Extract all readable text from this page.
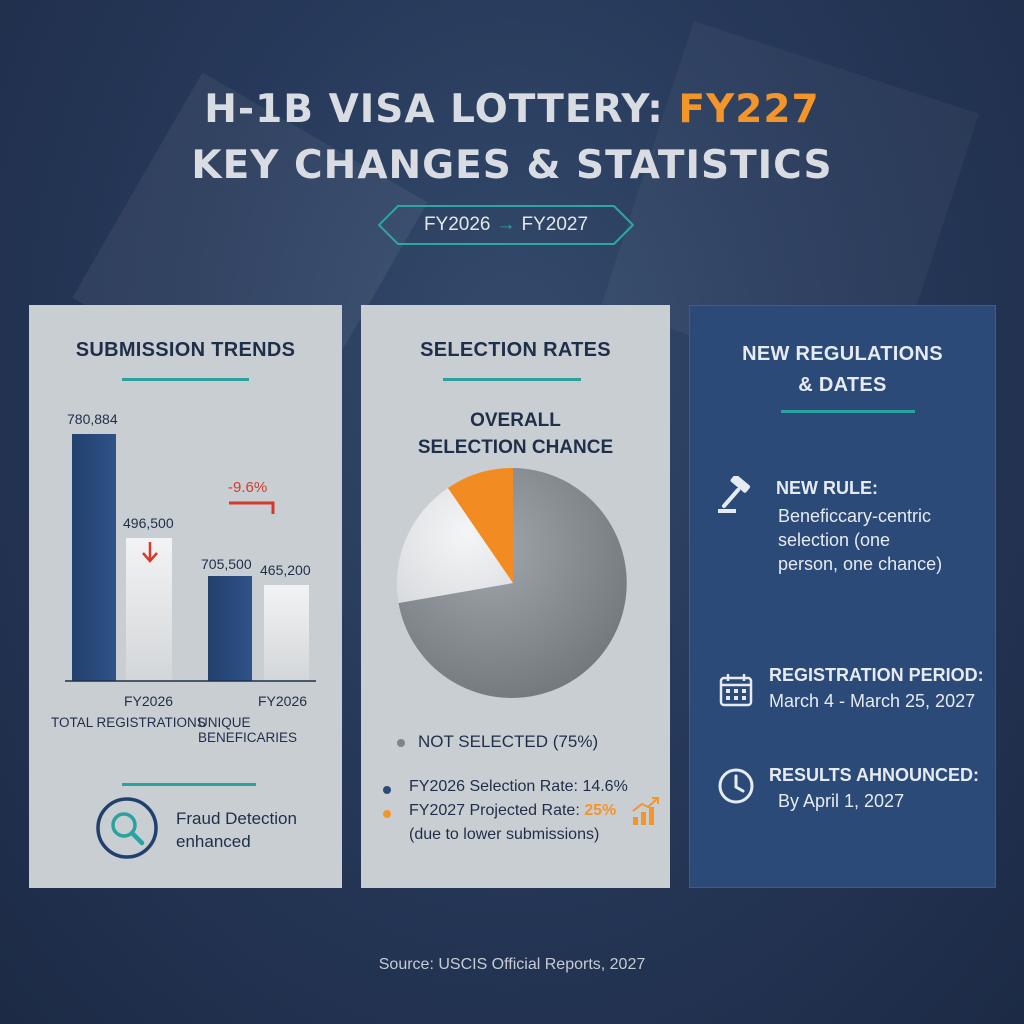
H-1B VISA LOTTERY: FY227
KEY CHANGES & STATISTICS
FY2026 → FY2027
SUBMISSION TRENDS
780,884
496,500
705,500 465,200
-9.6%
FY2026
TOTAL REGISTRATIONS
FY2026
UNIQUE BENEFICARIES
Fraud Detection
enhanced
SELECTION RATES
OVERALL
SELECTION CHANCE
NOT SELECTED (75%)
FY2026 Selection Rate: 14.6%
FY2027 Projected Rate: 25%
(due to lower submissions)
NEW REGULATIONS
& DATES
NEW RULE:
Beneficcary-centric
selection (one
person, one chance)
REGISTRATION PERIOD:
March 4 - March 25, 2027
RESULTS AHNOUNCED:
By April 1, 2027
Source: USCIS Official Reports, 2027
